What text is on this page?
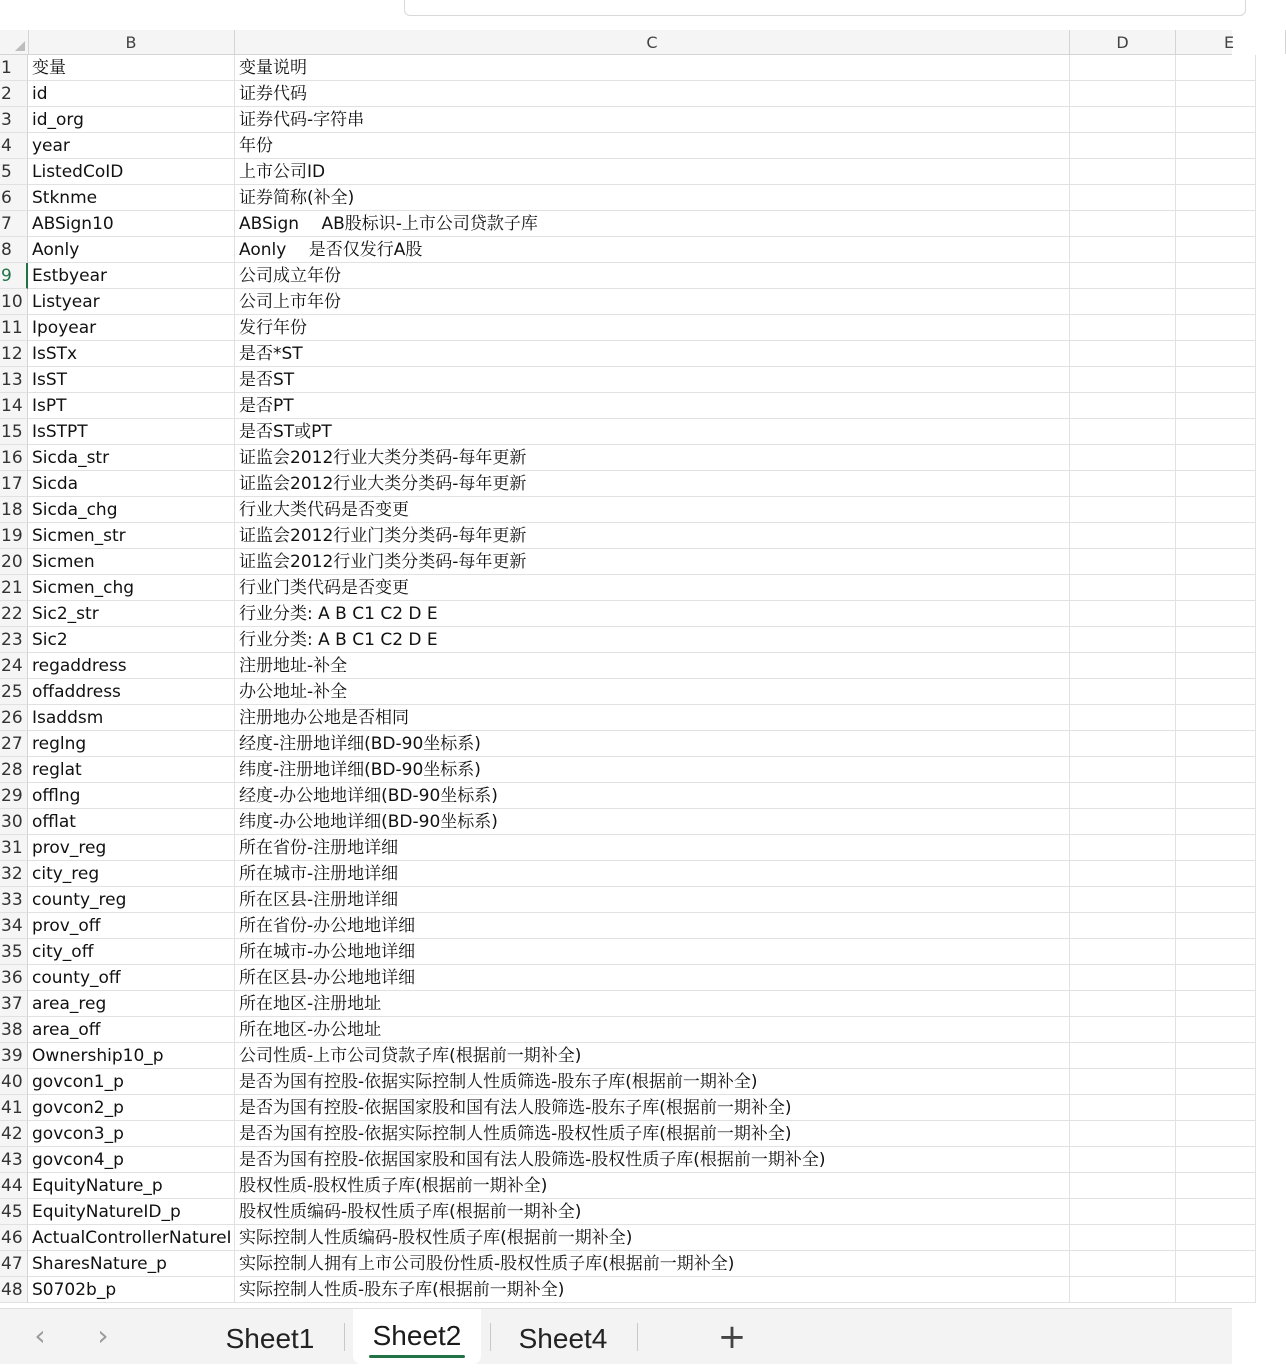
B	C	D	E
1	变量	变量说明
2	id	证券代码
3	id_org	证券代码-字符串
4	year	年份
5	ListedCoID	上市公司ID
6	Stknme	证券简称(补全)
7	ABSign10	ABSign　 AB股标识-上市公司贷款子库
8	Aonly	Aonly　 是否仅发行A股
9	Estbyear	公司成立年份
10 Listyear	公司上市年份
11 Ipoyear	发行年份
12 IsSTx	是否*ST
13 IsST	是否ST
14 IsPT	是否PT
15 IsSTPT	是否ST或PT
16 Sicda_str	证监会2012行业大类分类码-每年更新
17 Sicda	证监会2012行业大类分类码-每年更新
18 Sicda_chg	行业大类代码是否变更
19 Sicmen_str	证监会2012行业门类分类码-每年更新
20 Sicmen	证监会2012行业门类分类码-每年更新
21 Sicmen_chg	行业门类代码是否变更
22 Sic2_str	行业分类: A B C1 C2 D E
23 Sic2	行业分类: A B C1 C2 D E
24 regaddress	注册地址-补全
25 offaddress	办公地址-补全
26 Isaddsm	注册地办公地是否相同
27 reglng	经度-注册地详细(BD-90坐标系)
28 reglat	纬度-注册地详细(BD-90坐标系)
29 offlng	经度-办公地地详细(BD-90坐标系)
30 offlat	纬度-办公地地详细(BD-90坐标系)
31 prov_reg	所在省份-注册地详细
32 city_reg	所在城市-注册地详细
33 county_reg	所在区县-注册地详细
34 prov_off	所在省份-办公地地详细
35 city_off	所在城市-办公地地详细
36 county_off	所在区县-办公地地详细
37 area_reg	所在地区-注册地址
38 area_off	所在地区-办公地址
39 Ownership10_p	公司性质-上市公司贷款子库(根据前一期补全)
40 govcon1_p	是否为国有控股-依据实际控制人性质筛选-股东子库(根据前一期补全)
41 govcon2_p	是否为国有控股-依据国家股和国有法人股筛选-股东子库(根据前一期补全)
42 govcon3_p	是否为国有控股-依据实际控制人性质筛选-股权性质子库(根据前一期补全)
43 govcon4_p	是否为国有控股-依据国家股和国有法人股筛选-股权性质子库(根据前一期补全)
44 EquityNature_p	股权性质-股权性质子库(根据前一期补全)
45 EquityNatureID_p	股权性质编码-股权性质子库(根据前一期补全)
46 ActualControllerNatureI 实际控制人性质编码-股权性质子库(根据前一期补全)
47 SharesNature_p	实际控制人拥有上市公司股份性质-股权性质子库(根据前一期补全)
48 S0702b_p	实际控制人性质-股东子库(根据前一期补全)
‹	›	Sheet1	Sheet2	Sheet4	+
